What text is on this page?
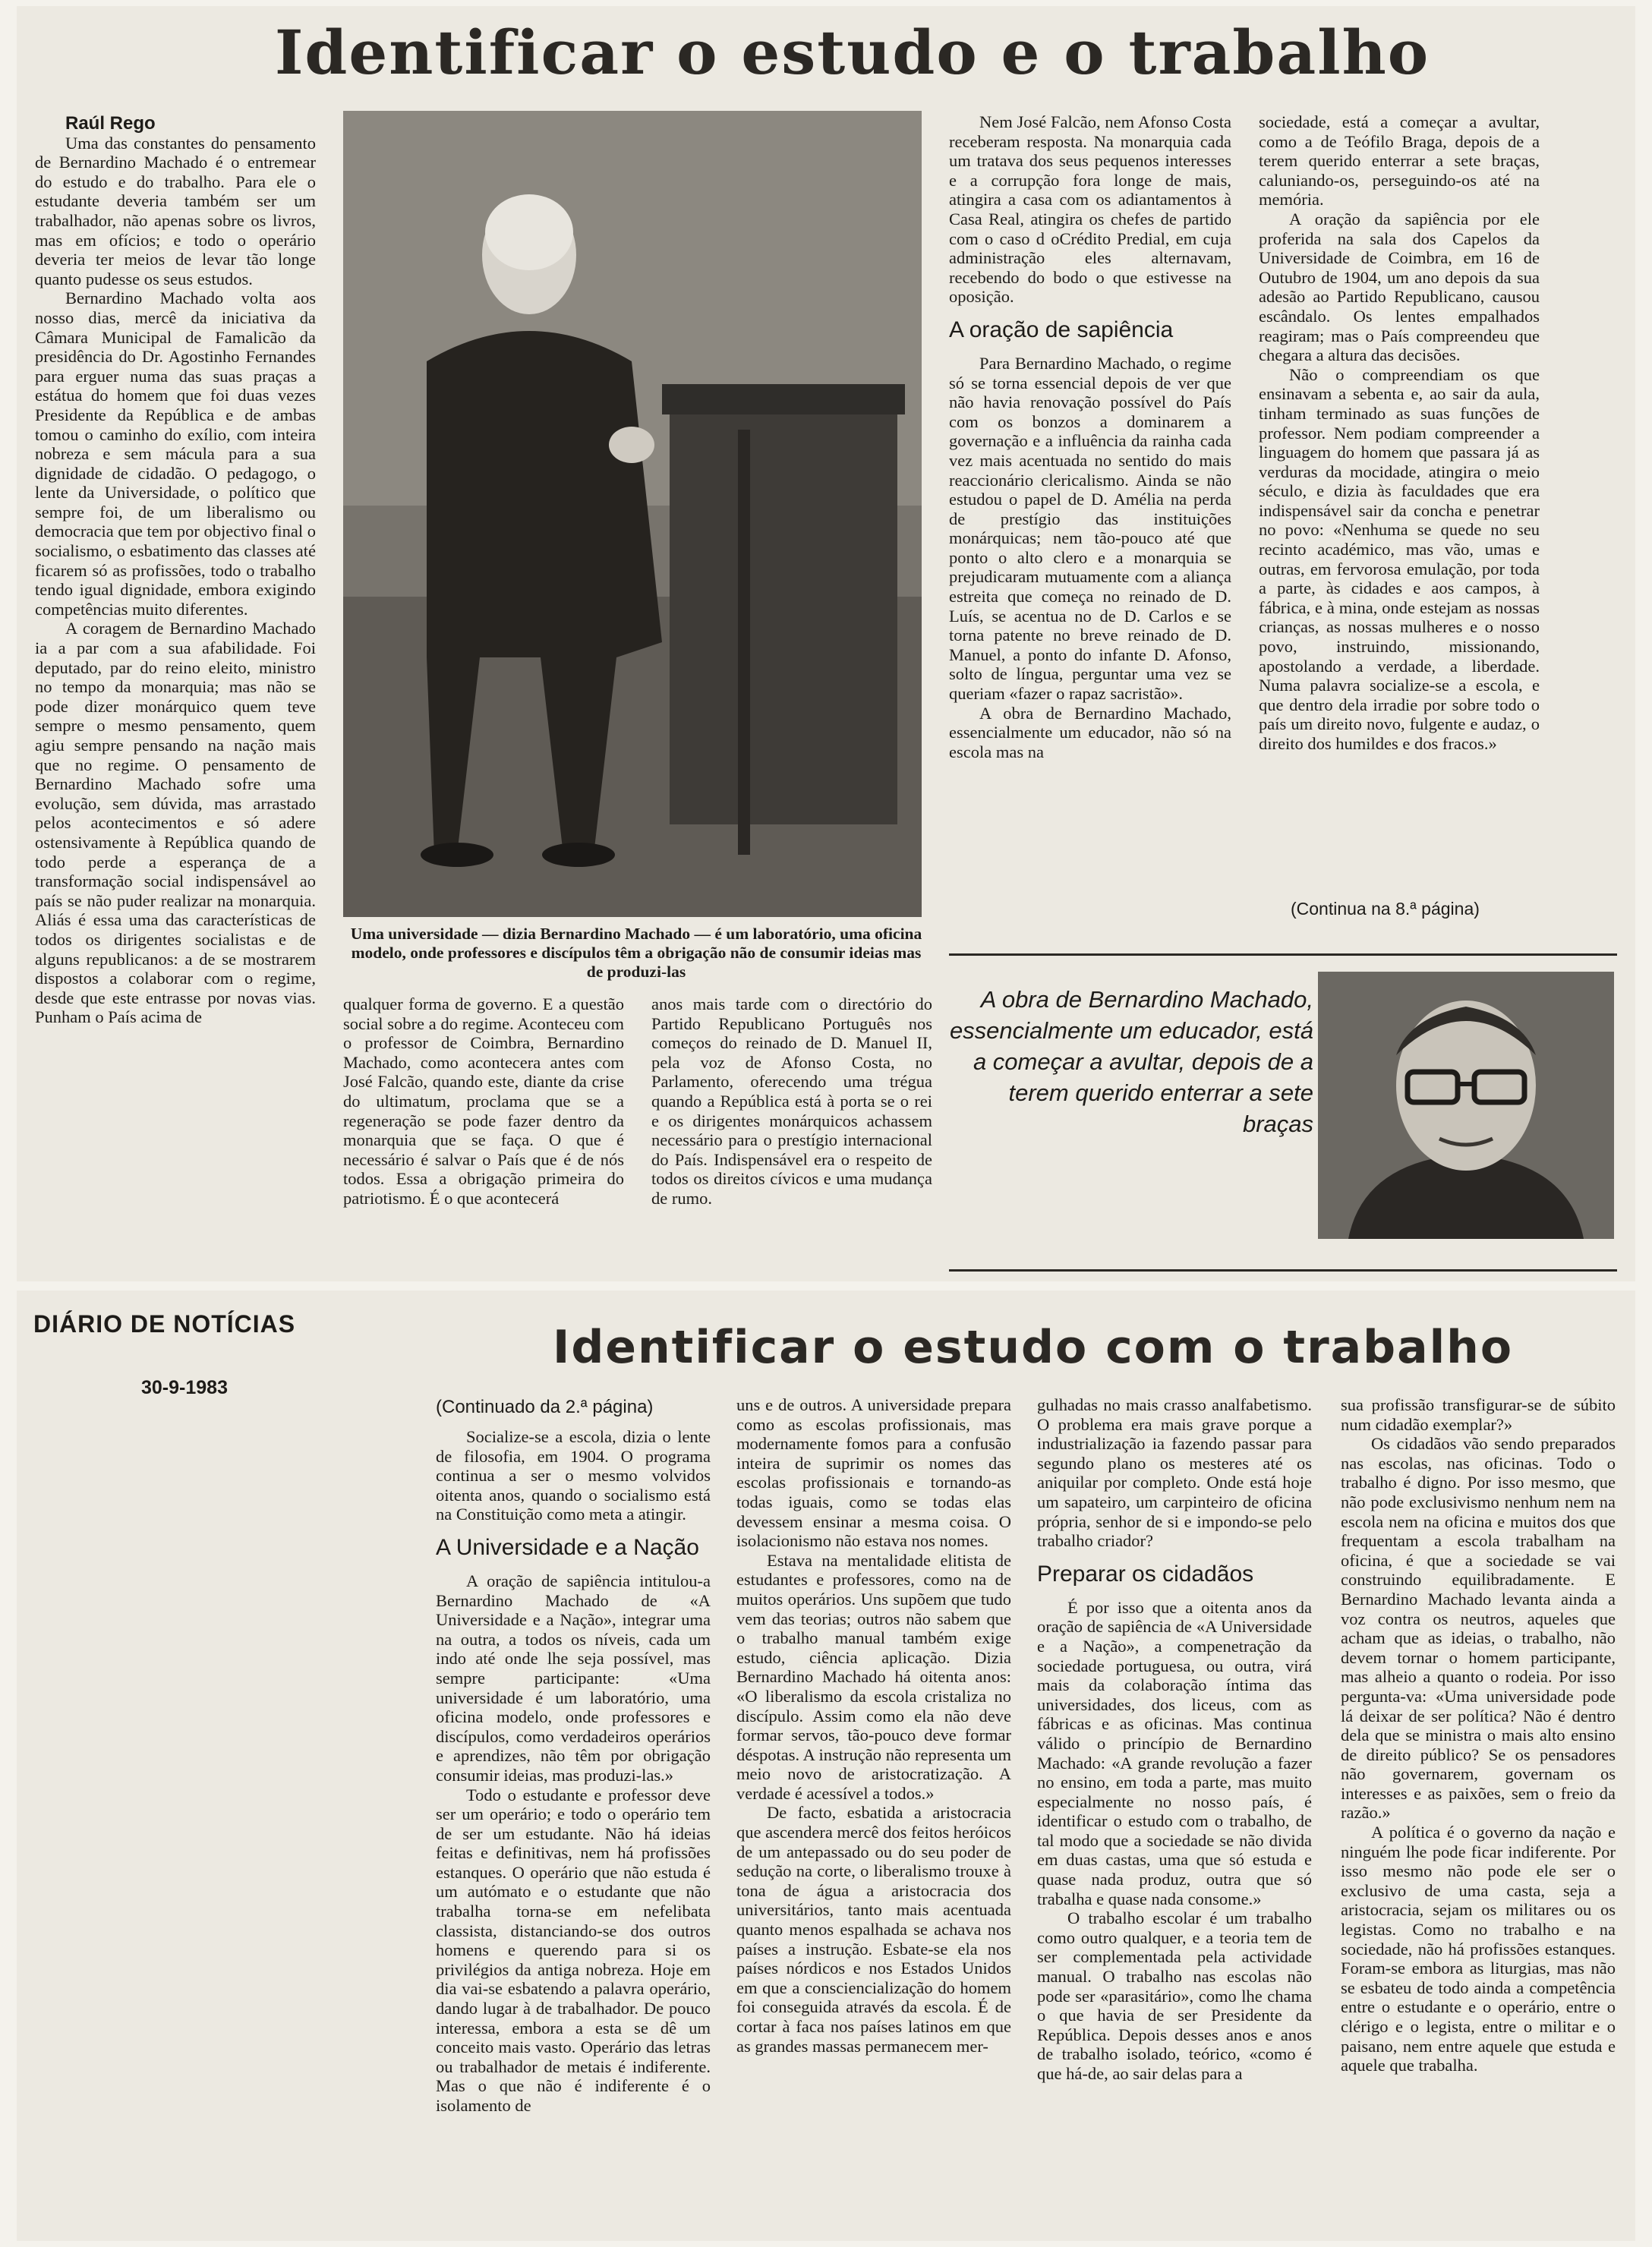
Identificar o estudo e o trabalho

Raúl Rego

Uma das constantes do pensamento de Bernardino Machado é o entremear do estudo e do trabalho. Para ele o estudante deveria também ser um trabalhador, não apenas sobre os livros, mas em ofícios; e todo o operário deveria ter meios de levar tão longe quanto pudesse os seus estudos.

Bernardino Machado volta aos nosso dias, mercê da iniciativa da Câmara Municipal de Famalicão da presidência do Dr. Agostinho Fernandes para erguer numa das suas praças a estátua do homem que foi duas vezes Presidente da República e de ambas tomou o caminho do exílio, com inteira nobreza e sem mácula para a sua dignidade de cidadão. O pedagogo, o lente da Universidade, o político que sempre foi, de um liberalismo ou democracia que tem por objectivo final o socialismo, o esbatimento das classes até ficarem só as profissões, todo o trabalho tendo igual dignidade, embora exigindo competências muito diferentes.

A coragem de Bernardino Machado ia a par com a sua afabilidade. Foi deputado, par do reino eleito, ministro no tempo da monarquia; mas não se pode dizer monárquico quem teve sempre o mesmo pensamento, quem agiu sempre pensando na nação mais que no regime. O pensamento de Bernardino Machado sofre uma evolução, sem dúvida, mas arrastado pelos acontecimentos e só adere ostensivamente à República quando de todo perde a esperança de a transformação social indispensável ao país se não puder realizar na monarquia. Aliás é essa uma das características de todos os dirigentes socialistas e de alguns republicanos: a de se mostrarem dispostos a colaborar com o regime, desde que este entrasse por novas vias. Punham o País acima de

Uma universidade — dizia Bernardino Machado — é um laboratório, uma oficina modelo, onde professores e discípulos têm a obrigação não de consumir ideias mas de produzi-las

qualquer forma de governo. E a questão social sobre a do regime. Aconteceu com o professor de Coimbra, Bernardino Machado, como acontecera antes com José Falcão, quando este, diante da crise do ultimatum, proclama que se a regeneração se pode fazer dentro da monarquia que se faça. O que é necessário é salvar o País que é de nós todos. Essa a obrigação primeira do patriotismo. É o que acontecerá

anos mais tarde com o directório do Partido Republicano Português nos começos do reinado de D. Manuel II, pela voz de Afonso Costa, no Parlamento, oferecendo uma trégua quando a República está à porta se o rei e os dirigentes monárquicos achassem necessário para o prestígio internacional do País. Indispensável era o respeito de todos os direitos cívicos e uma mudança de rumo.

Nem José Falcão, nem Afonso Costa receberam resposta. Na monarquia cada um tratava dos seus pequenos interesses e a corrupção fora longe de mais, atingira a casa com os adiantamentos à Casa Real, atingira os chefes de partido com o caso d oCrédito Predial, em cuja administração eles alternavam, recebendo do bodo o que estivesse na oposição.

A oração de sapiência

Para Bernardino Machado, o regime só se torna essencial depois de ver que não havia renovação possível do País com os bonzos a dominarem a governação e a influência da rainha cada vez mais acentuada no sentido do mais reaccionário clericalismo. Ainda se não estudou o papel de D. Amélia na perda de prestígio das instituições monárquicas; nem tão-pouco até que ponto o alto clero e a monarquia se prejudicaram mutuamente com a aliança estreita que começa no reinado de D. Luís, se acentua no de D. Carlos e se torna patente no breve reinado de D. Manuel, a ponto do infante D. Afonso, solto de língua, perguntar uma vez se queriam «fazer o rapaz sacristão».

A obra de Bernardino Machado, essencialmente um educador, não só na escola mas na

sociedade, está a começar a avultar, como a de Teófilo Braga, depois de a terem querido enterrar a sete braças, caluniando-os, perseguindo-os até na memória.

A oração da sapiência por ele proferida na sala dos Capelos da Universidade de Coimbra, em 16 de Outubro de 1904, um ano depois da sua adesão ao Partido Republicano, causou escândalo. Os lentes empalhados reagiram; mas o País compreendeu que chegara a altura das decisões.

Não o compreendiam os que ensinavam a sebenta e, ao sair da aula, tinham terminado as suas funções de professor. Nem podiam compreender a linguagem do homem que passara já as verduras da mocidade, atingira o meio século, e dizia às faculdades que era indispensável sair da concha e penetrar no povo: «Nenhuma se quede no seu recinto académico, mas vão, umas e outras, em fervorosa emulação, por toda a parte, às cidades e aos campos, à fábrica, e à mina, onde estejam as nossas crianças, as nossas mulheres e o nosso povo, instruindo, missionando, apostolando a verdade, a liberdade. Numa palavra socialize-se a escola, e que dentro dela irradie por sobre todo o país um direito novo, fulgente e audaz, o direito dos humildes e dos fracos.»

(Continua na 8.ª página)

A obra de Bernardino Machado, essencialmente um educador, está a começar a avultar, depois de a terem querido enterrar a sete braças

DIÁRIO DE NOTÍCIAS

30-9-1983

Identificar o estudo com o trabalho

(Continuado da 2.ª página)

Socialize-se a escola, dizia o lente de filosofia, em 1904. O programa continua a ser o mesmo volvidos oitenta anos, quando o socialismo está na Constituição como meta a atingir.

A Universidade e a Nação

A oração de sapiência intitulou-a Bernardino Machado de «A Universidade e a Nação», integrar uma na outra, a todos os níveis, cada um indo até onde lhe seja possível, mas sempre participante: «Uma universidade é um laboratório, uma oficina modelo, onde professores e discípulos, como verdadeiros operários e aprendizes, não têm por obrigação consumir ideias, mas produzi-las.»

Todo o estudante e professor deve ser um operário; e todo o operário tem de ser um estudante. Não há ideias feitas e definitivas, nem há profissões estanques. O operário que não estuda é um autómato e o estudante que não trabalha torna-se em nefelibata classista, distanciando-se dos outros homens e querendo para si os privilégios da antiga nobreza. Hoje em dia vai-se esbatendo a palavra operário, dando lugar à de trabalhador. De pouco interessa, embora a esta se dê um conceito mais vasto. Operário das letras ou trabalhador de metais é indiferente. Mas o que não é indiferente é o isolamento de

uns e de outros. A universidade prepara como as escolas profissionais, mas modernamente fomos para a confusão inteira de suprimir os nomes das escolas profissionais e tornando-as todas iguais, como se todas elas devessem ensinar a mesma coisa. O isolacionismo não estava nos nomes.

Estava na mentalidade elitista de estudantes e professores, como na de muitos operários. Uns supõem que tudo vem das teorias; outros não sabem que o trabalho manual também exige estudo, ciência aplicação. Dizia Bernardino Machado há oitenta anos: «O liberalismo da escola cristaliza no discípulo. Assim como ela não deve formar servos, tão-pouco deve formar déspotas. A instrução não representa um meio novo de aristocratização. A verdade é acessível a todos.»

De facto, esbatida a aristocracia que ascendera mercê dos feitos heróicos de um antepassado ou do seu poder de sedução na corte, o liberalismo trouxe à tona de água a aristocracia dos universitários, tanto mais acentuada quanto menos espalhada se achava nos países a instrução. Esbate-se ela nos países nórdicos e nos Estados Unidos em que a consciencialização do homem foi conseguida através da escola. É de cortar à faca nos países latinos em que as grandes massas permanecem mer-

gulhadas no mais crasso analfabetismo. O problema era mais grave porque a industrialização ia fazendo passar para segundo plano os mesteres até os aniquilar por completo. Onde está hoje um sapateiro, um carpinteiro de oficina própria, senhor de si e impondo-se pelo trabalho criador?

Preparar os cidadãos

É por isso que a oitenta anos da oração de sapiência de «A Universidade e a Nação», a compenetração da sociedade portuguesa, ou outra, virá mais da colaboração íntima das universidades, dos liceus, com as fábricas e as oficinas. Mas continua válido o princípio de Bernardino Machado: «A grande revolução a fazer no ensino, em toda a parte, mas muito especialmente no nosso país, é identificar o estudo com o trabalho, de tal modo que a sociedade se não divida em duas castas, uma que só estuda e quase nada produz, outra que só trabalha e quase nada consome.»

O trabalho escolar é um trabalho como outro qualquer, e a teoria tem de ser complementada pela actividade manual. O trabalho nas escolas não pode ser «parasitário», como lhe chama o que havia de ser Presidente da República. Depois desses anos e anos de trabalho isolado, teórico, «como é que há-de, ao sair delas para a

sua profissão transfigurar-se de súbito num cidadão exemplar?»

Os cidadãos vão sendo preparados nas escolas, nas oficinas. Todo o trabalho é digno. Por isso mesmo, que não pode exclusivismo nenhum nem na escola nem na oficina e muitos dos que frequentam a escola trabalham na oficina, é que a sociedade se vai construindo equilibradamente. E Bernardino Machado levanta ainda a voz contra os neutros, aqueles que acham que as ideias, o trabalho, não devem tornar o homem participante, mas alheio a quanto o rodeia. Por isso pergunta-va: «Uma universidade pode lá deixar de ser política? Não é dentro dela que se ministra o mais alto ensino de direito público? Se os pensadores não governarem, governam os interesses e as paixões, sem o freio da razão.»

A política é o governo da nação e ninguém lhe pode ficar indiferente. Por isso mesmo não pode ele ser o exclusivo de uma casta, seja a aristocracia, sejam os militares ou os legistas. Como no trabalho e na sociedade, não há profissões estanques. Foram-se embora as liturgias, mas não se esbateu de todo ainda a competência entre o estudante e o operário, entre o clérigo e o legista, entre o militar e o paisano, nem entre aquele que estuda e aquele que trabalha.
